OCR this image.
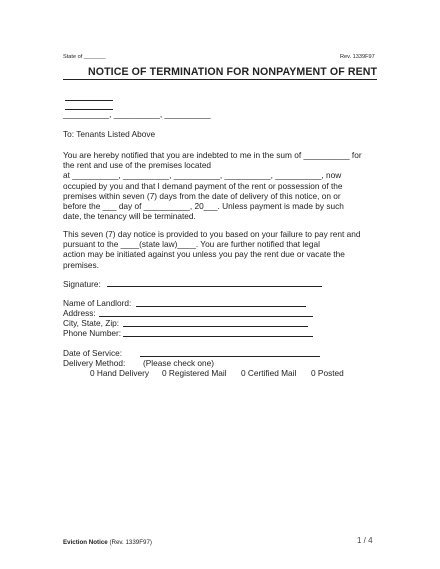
State of _______	Rev. 1339F97
NOTICE OF TERMINATION FOR NONPAYMENT OF RENT
__________, __________, __________
To: Tenants Listed Above
You are hereby notified that you are indebted to me in the sum of __________ for
the rent and use of the premises located
at __________, __________, __________, __________, __________, now
occupied by you and that I demand payment of the rent or possession of the
premises within seven (7) days from the date of delivery of this notice, on or
before the ___ day of __________, 20___. Unless payment is made by such
date, the tenancy will be terminated.
This seven (7) day notice is provided to you based on your failure to pay rent and
pursuant to the ____(state law)____. You are further notified that legal
action may be initiated against you unless you pay the rent due or vacate the
premises.
Signature:
Name of Landlord:
Address:
City, State, Zip:
Phone Number:
Date of Service:
Delivery Method: (Please check one)
0 Hand Delivery 0 Registered Mail 0 Certified Mail 0 Posted
Eviction Notice (Rev. 1339F97)	1 / 4
